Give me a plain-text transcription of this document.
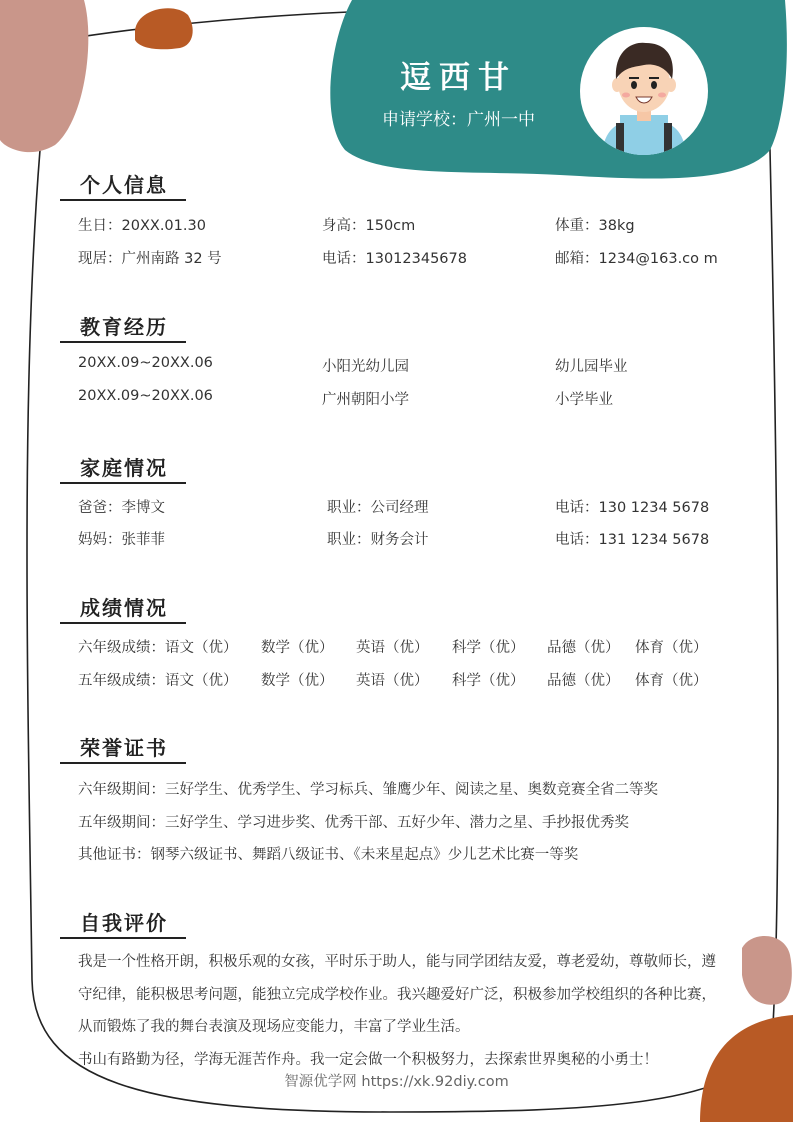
逗西甘
申请学校：广州一中
个人信息
生日：20XX.01.30	身高：150cm	体重：38kg
现居：广州南路 32 号	电话：13012345678	邮箱：1234@163.co m
教育经历
20XX.09~20XX.06	小阳光幼儿园	幼儿园毕业
20XX.09~20XX.06	广州朝阳小学	小学毕业
家庭情况
爸爸：李博文	职业：公司经理	电话：130 1234 5678
妈妈：张菲菲	职业：财务会计	电话：131 1234 5678
成绩情况
六年级成绩：语文（优） 数学（优） 英语（优） 科学（优） 品德（优） 体育（优）
五年级成绩：语文（优） 数学（优） 英语（优） 科学（优） 品德（优） 体育（优）
荣誉证书
六年级期间：三好学生、优秀学生、学习标兵、雏鹰少年、阅读之星、奥数竞赛全省二等奖
五年级期间：三好学生、学习进步奖、优秀干部、五好少年、潜力之星、手抄报优秀奖
其他证书：钢琴六级证书、舞蹈八级证书、《未来星起点》少儿艺术比赛一等奖
自我评价
我是一个性格开朗，积极乐观的女孩，平时乐于助人，能与同学团结友爱，尊老爱幼，尊敬师长，遵守纪律，能积极思考问题，能独立完成学校作业。我兴趣爱好广泛，积极参加学校组织的各种比赛，从而锻炼了我的舞台表演及现场应变能力，丰富了学业生活。
书山有路勤为径，学海无涯苦作舟。我一定会做一个积极努力，去探索世界奥秘的小勇士！
智源优学网 https://xk.92diy.com
